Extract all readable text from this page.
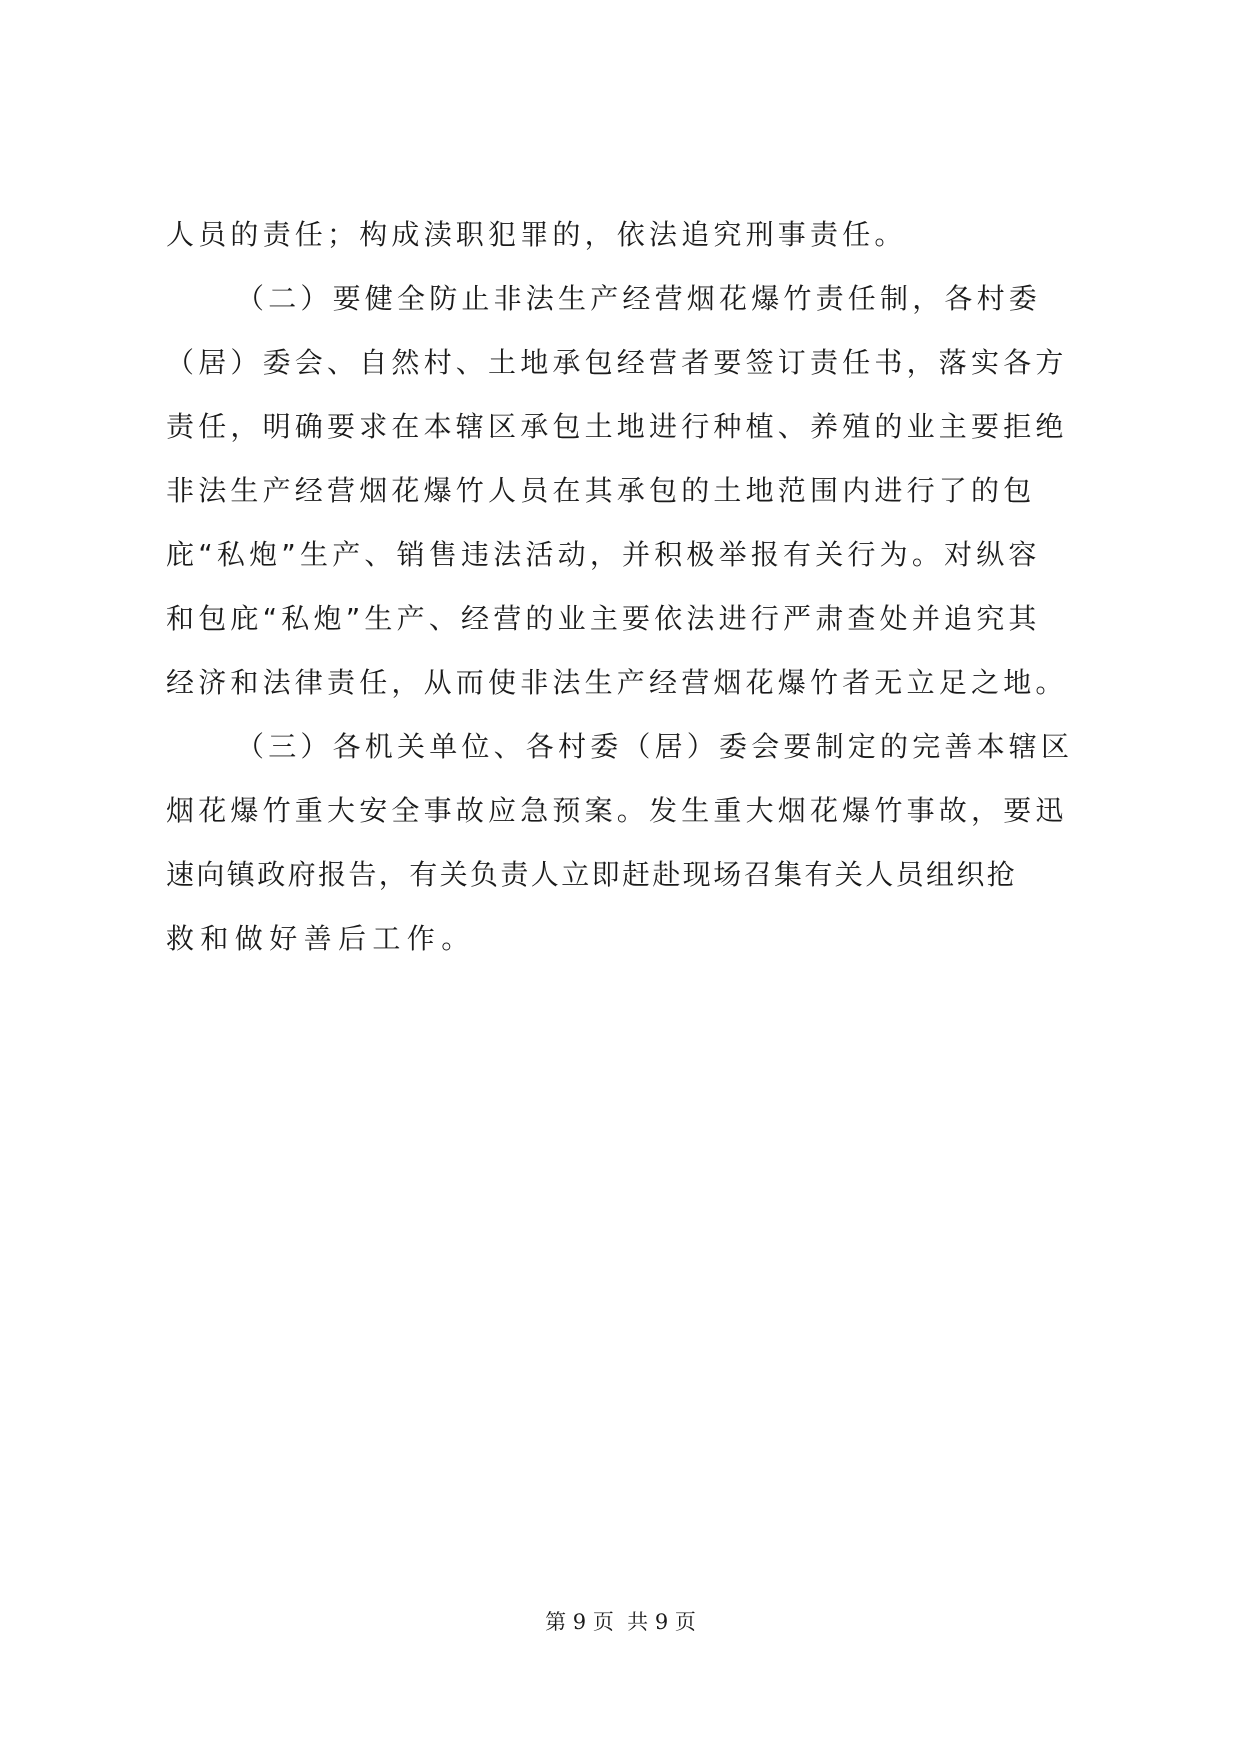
人员的责任；构成渎职犯罪的，依法追究刑事责任。
（二）要健全防止非法生产经营烟花爆竹责任制，各村委
（居）委会、自然村、土地承包经营者要签订责任书，落实各方
责任，明确要求在本辖区承包土地进行种植、养殖的业主要拒绝
非法生产经营烟花爆竹人员在其承包的土地范围内进行了的包
庇“私炮”生产、销售违法活动，并积极举报有关行为。对纵容
和包庇“私炮”生产、经营的业主要依法进行严肃查处并追究其
经济和法律责任，从而使非法生产经营烟花爆竹者无立足之地。
（三）各机关单位、各村委（居）委会要制定的完善本辖区
烟花爆竹重大安全事故应急预案。发生重大烟花爆竹事故，要迅
速向镇政府报告，有关负责人立即赶赴现场召集有关人员组织抢
救和做好善后工作。
第 9 页  共 9 页
